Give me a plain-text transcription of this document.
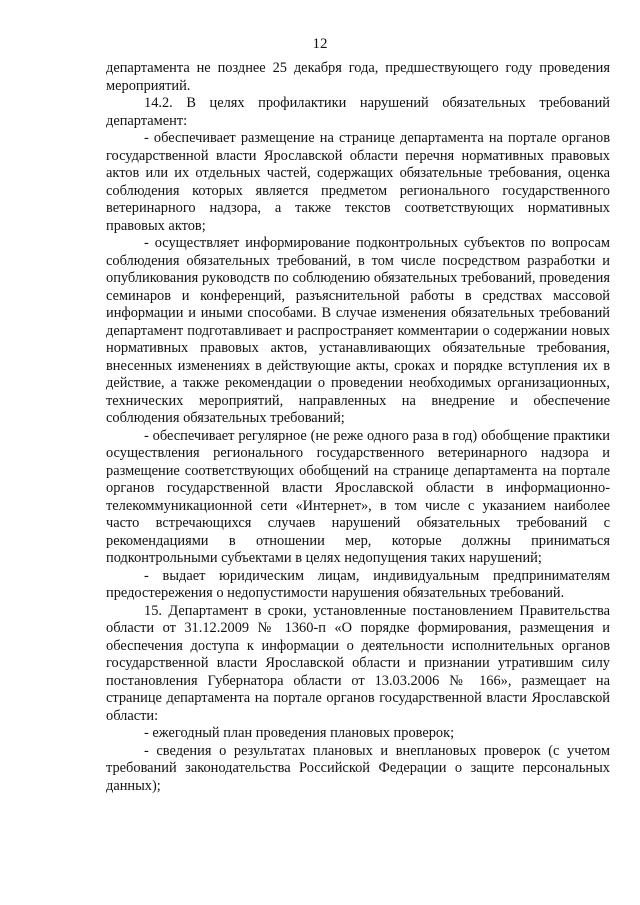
12

департамента не позднее 25 декабря года, предшествующего году проведения мероприятий.

14.2. В целях профилактики нарушений обязательных требований департамент:

- обеспечивает размещение на странице департамента на портале органов государственной власти Ярославской области перечня нормативных правовых актов или их отдельных частей, содержащих обязательные требования, оценка соблюдения которых является предметом регионального государственного ветеринарного надзора, а также текстов соответствующих нормативных правовых актов;

- осуществляет информирование подконтрольных субъектов по вопросам соблюдения обязательных требований, в том числе посредством разработки и опубликования руководств по соблюдению обязательных требований, проведения семинаров и конференций, разъяснительной работы в средствах массовой информации и иными способами. В случае изменения обязательных требований департамент подготавливает и распространяет комментарии о содержании новых нормативных правовых актов, устанавливающих обязательные требования, внесенных изменениях в действующие акты, сроках и порядке вступления их в действие, а также рекомендации о проведении необходимых организационных, технических мероприятий, направленных на внедрение и обеспечение соблюдения обязательных требований;

- обеспечивает регулярное (не реже одного раза в год) обобщение практики осуществления регионального государственного ветеринарного надзора и размещение соответствующих обобщений на странице департамента на портале органов государственной власти Ярославской области в информационно-телекоммуникационной сети «Интернет», в том числе с указанием наиболее часто встречающихся случаев нарушений обязательных требований с рекомендациями в отношении мер, которые должны приниматься подконтрольными субъектами в целях недопущения таких нарушений;

- выдает юридическим лицам, индивидуальным предпринимателям предостережения о недопустимости нарушения обязательных требований.

15. Департамент в сроки, установленные постановлением Правительства области от 31.12.2009 № 1360-п «О порядке формирования, размещения и обеспечения доступа к информации о деятельности исполнительных органов государственной власти Ярославской области и признании утратившим силу постановления Губернатора области от 13.03.2006 № 166», размещает на странице департамента на портале органов государственной власти Ярославской области:

- ежегодный план проведения плановых проверок;

- сведения о результатах плановых и внеплановых проверок (с учетом требований законодательства Российской Федерации о защите персональных данных);
